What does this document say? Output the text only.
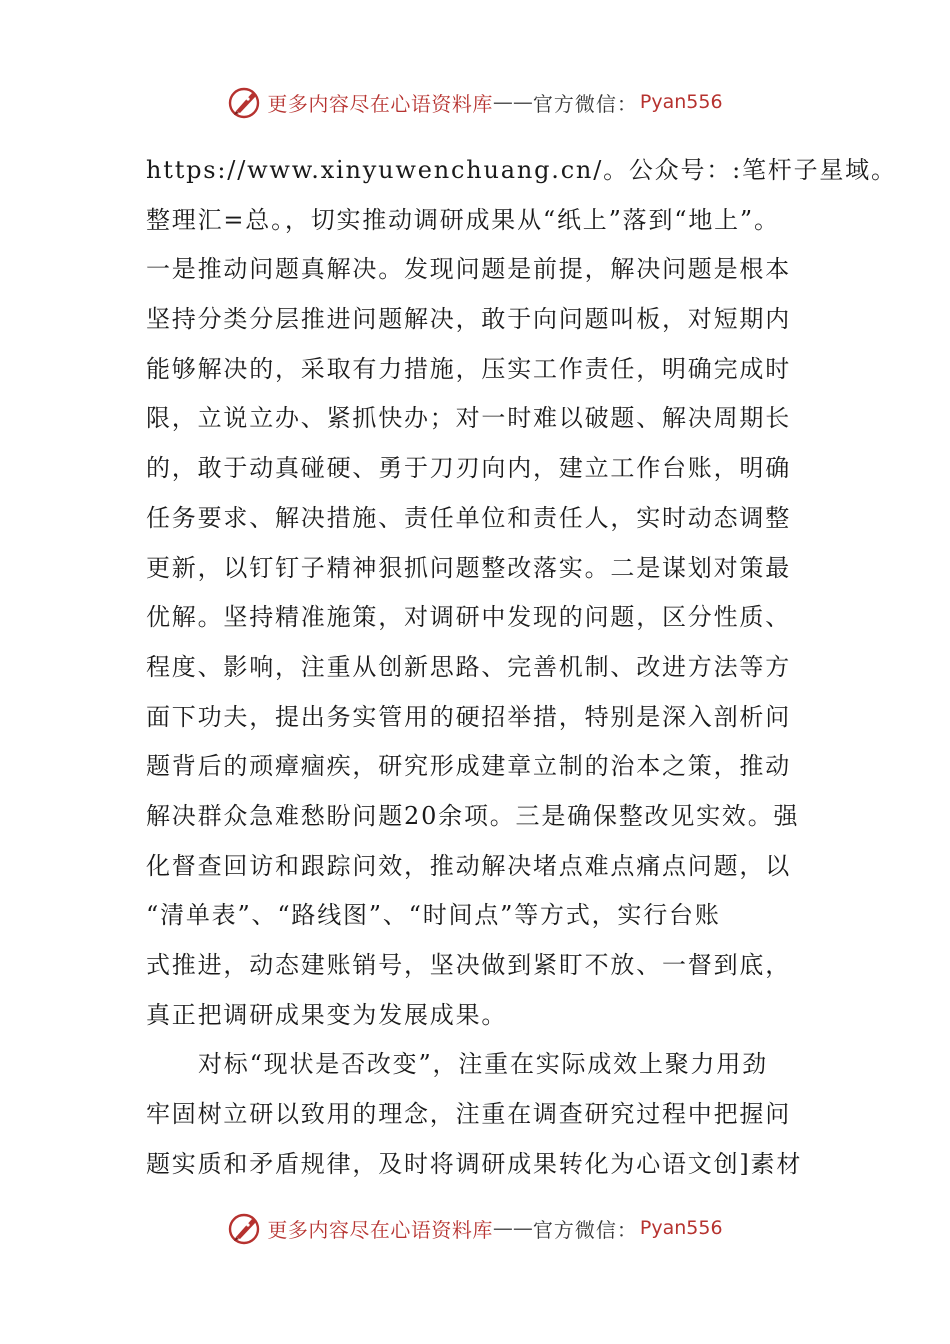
更多内容尽在心语资料库 —— 官方微信： Pyan556

https://www.xinyuwenchuang.cn/。公众号：:笔杆子星域。

整理汇=总。，切实推动调研成果从“纸上”落到“地上”。

一是推动问题真解决。发现问题是前提，解决问题是根本

坚持分类分层推进问题解决，敢于向问题叫板，对短期内

能够解决的，采取有力措施，压实工作责任，明确完成时

限，立说立办、紧抓快办；对一时难以破题、解决周期长

的，敢于动真碰硬、勇于刀刃向内，建立工作台账，明确

任务要求、解决措施、责任单位和责任人，实时动态调整

更新，以钉钉子精神狠抓问题整改落实。二是谋划对策最

优解。坚持精准施策，对调研中发现的问题，区分性质、

程度、影响，注重从创新思路、完善机制、改进方法等方

面下功夫，提出务实管用的硬招举措，特别是深入剖析问

题背后的顽瘴痼疾，研究形成建章立制的治本之策，推动

解决群众急难愁盼问题20余项。三是确保整改见实效。强

化督查回访和跟踪问效，推动解决堵点难点痛点问题，以

“清单表”、“路线图”、“时间点”等方式，实行台账

式推进，动态建账销号，坚决做到紧盯不放、一督到底，

真正把调研成果变为发展成果。

对标“现状是否改变”，注重在实际成效上聚力用劲

牢固树立研以致用的理念，注重在调查研究过程中把握问

题实质和矛盾规律，及时将调研成果转化为心语文创]素材

更多内容尽在心语资料库 —— 官方微信： Pyan556
